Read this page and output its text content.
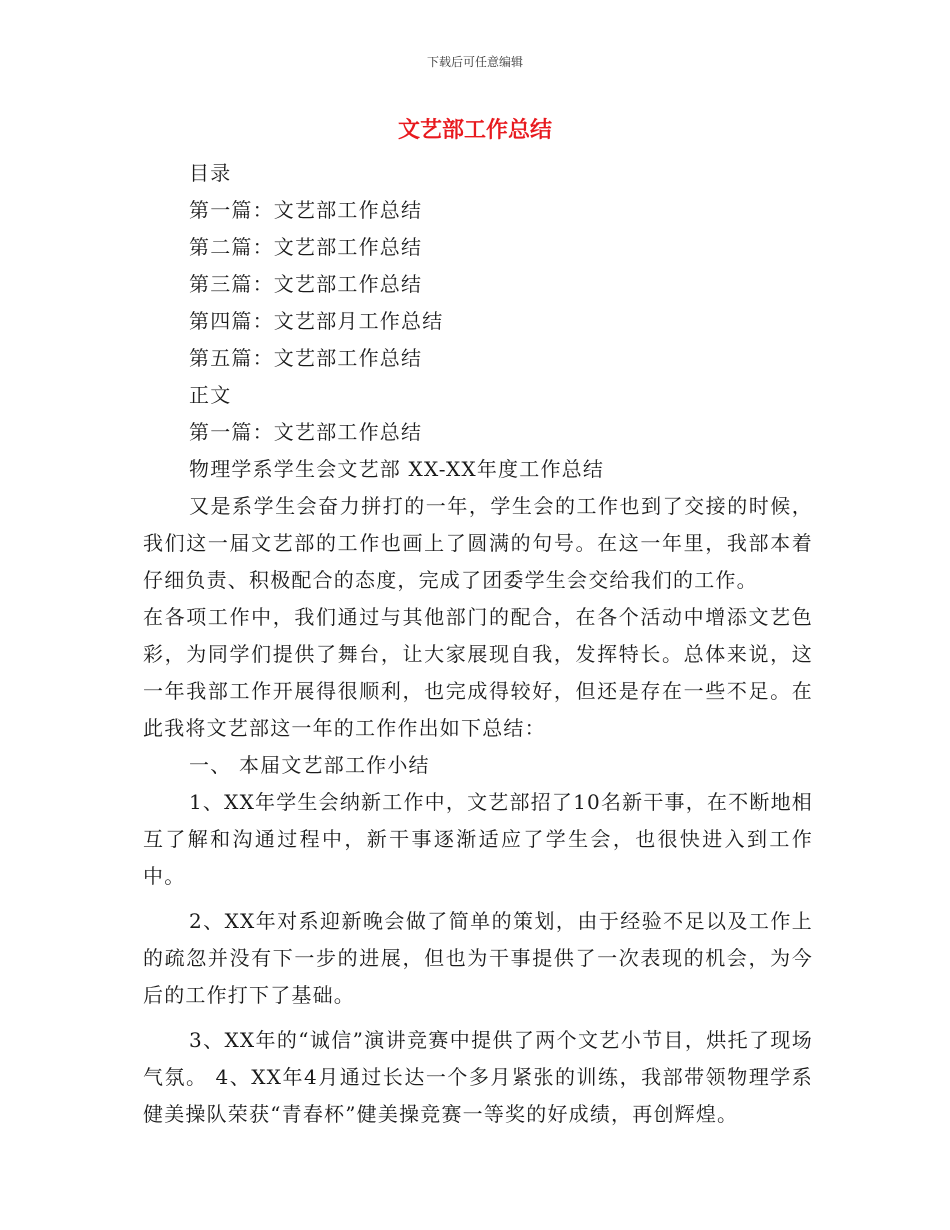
下载后可任意编辑
文艺部工作总结

目录

第一篇：文艺部工作总结

第二篇：文艺部工作总结

第三篇：文艺部工作总结

第四篇：文艺部月工作总结

第五篇：文艺部工作总结

正文

第一篇：文艺部工作总结

物理学系学生会文艺部 XX-XX年度工作总结

又是系学生会奋力拼打的一年，学生会的工作也到了交接的时候，我们这一届文艺部的工作也画上了圆满的句号。在这一年里，我部本着仔细负责、积极配合的态度，完成了团委学生会交给我们的工作。

在各项工作中，我们通过与其他部门的配合，在各个活动中增添文艺色彩，为同学们提供了舞台，让大家展现自我，发挥特长。总体来说，这一年我部工作开展得很顺利，也完成得较好，但还是存在一些不足。在此我将文艺部这一年的工作作出如下总结：

一、 本届文艺部工作小结

1、XX年学生会纳新工作中，文艺部招了10名新干事，在不断地相互了解和沟通过程中，新干事逐渐适应了学生会，也很快进入到工作中。

2、XX年对系迎新晚会做了简单的策划，由于经验不足以及工作上的疏忽并没有下一步的进展，但也为干事提供了一次表现的机会，为今后的工作打下了基础。

3、XX年的“诚信”演讲竞赛中提供了两个文艺小节目，烘托了现场气氛。 4、XX年4月通过长达一个多月紧张的训练，我部带领物理学系健美操队荣获“青春杯”健美操竞赛一等奖的好成绩，再创辉煌。
